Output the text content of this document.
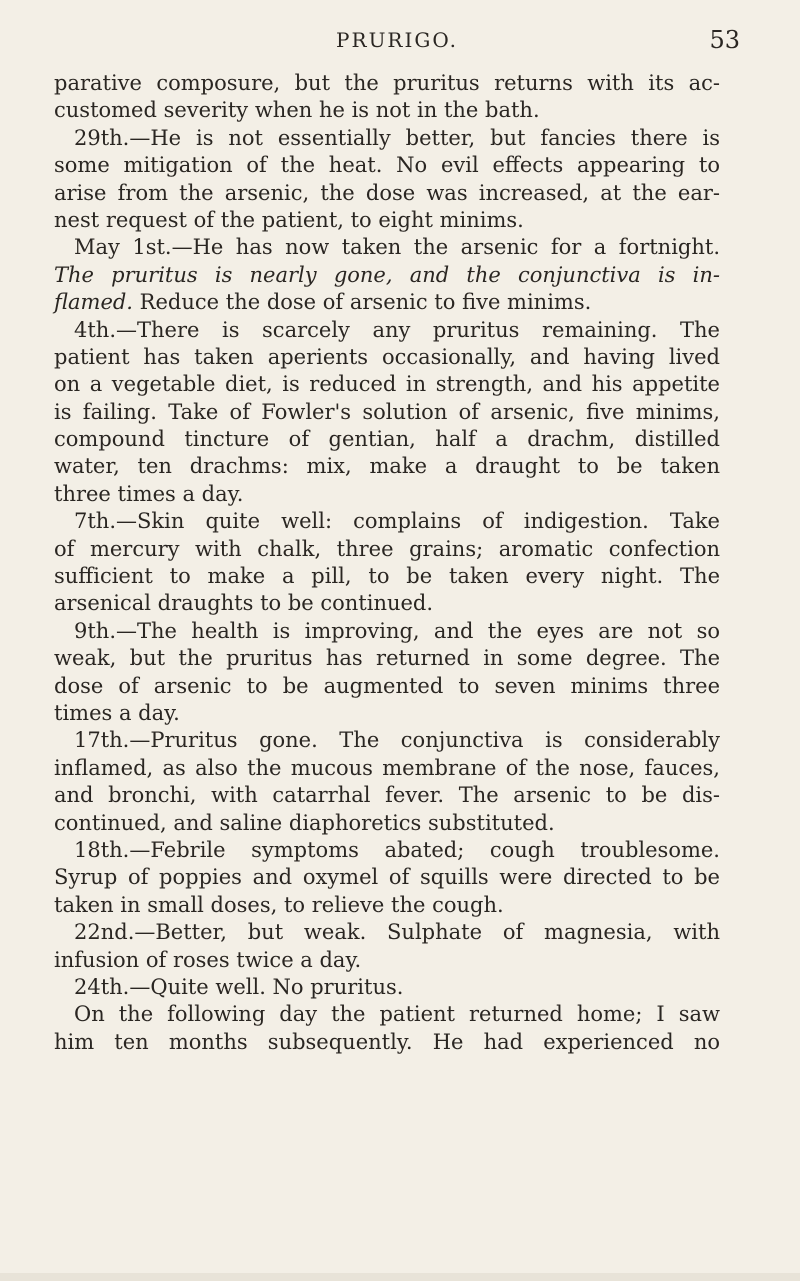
PRURIGO.	53
parative composure, but the pruritus returns with its ac-
customed severity when he is not in the bath.
29th.—He is not essentially better, but fancies there is
some mitigation of the heat. No evil effects appearing to
arise from the arsenic, the dose was increased, at the ear-
nest request of the patient, to eight minims.
May 1st.—He has now taken the arsenic for a fortnight.
The pruritus is nearly gone, and the conjunctiva is in-
flamed. Reduce the dose of arsenic to five minims.
4th.—There is scarcely any pruritus remaining. The
patient has taken aperients occasionally, and having lived
on a vegetable diet, is reduced in strength, and his appetite
is failing. Take of Fowler's solution of arsenic, five minims,
compound tincture of gentian, half a drachm, distilled
water, ten drachms: mix, make a draught to be taken
three times a day.
7th.—Skin quite well: complains of indigestion. Take
of mercury with chalk, three grains; aromatic confection
sufficient to make a pill, to be taken every night. The
arsenical draughts to be continued.
9th.—The health is improving, and the eyes are not so
weak, but the pruritus has returned in some degree. The
dose of arsenic to be augmented to seven minims three
times a day.
17th.—Pruritus gone. The conjunctiva is considerably
inflamed, as also the mucous membrane of the nose, fauces,
and bronchi, with catarrhal fever. The arsenic to be dis-
continued, and saline diaphoretics substituted.
18th.—Febrile symptoms abated; cough troublesome.
Syrup of poppies and oxymel of squills were directed to be
taken in small doses, to relieve the cough.
22nd.—Better, but weak. Sulphate of magnesia, with
infusion of roses twice a day.
24th.—Quite well. No pruritus.
On the following day the patient returned home; I saw
him ten months subsequently. He had experienced no
